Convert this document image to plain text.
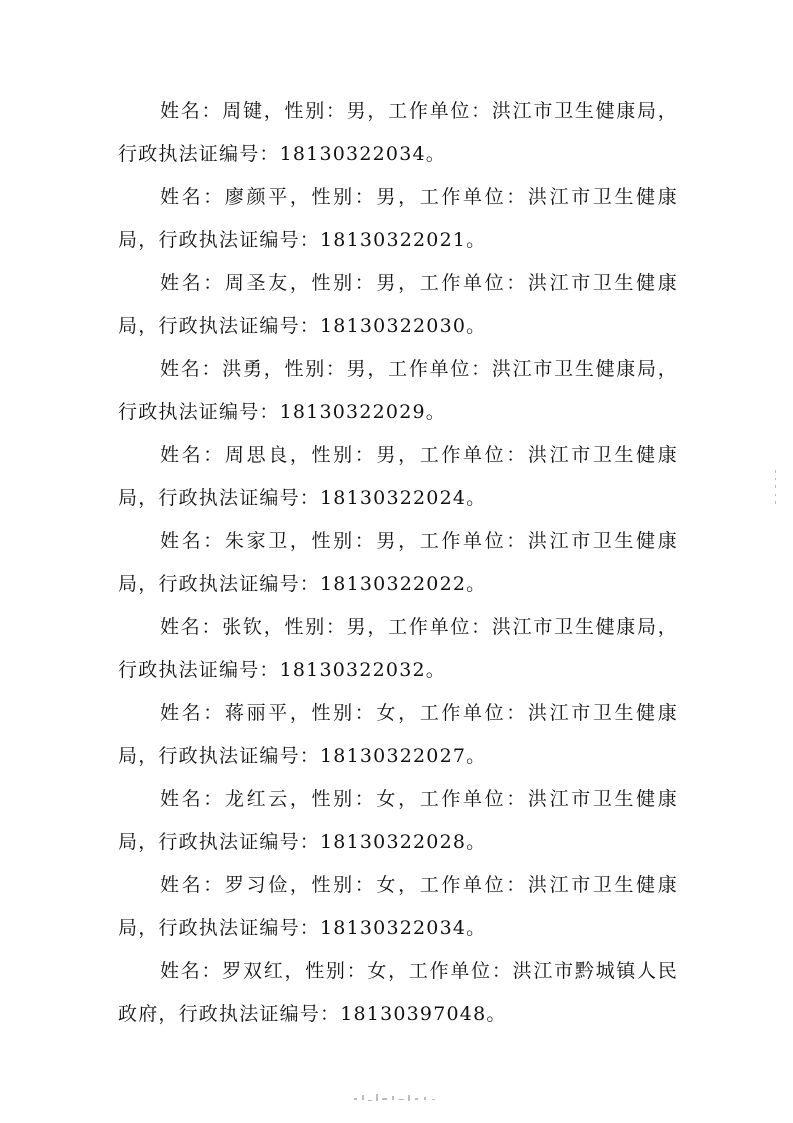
姓名：周键，性别：男，工作单位：洪江市卫生健康局，行政执法证编号：18130322034。

姓名：廖颜平，性别：男，工作单位：洪江市卫生健康局，行政执法证编号：18130322021。

姓名：周圣友，性别：男，工作单位：洪江市卫生健康局，行政执法证编号：18130322030。

姓名：洪勇，性别：男，工作单位：洪江市卫生健康局，行政执法证编号：18130322029。

姓名：周思良，性别：男，工作单位：洪江市卫生健康局，行政执法证编号：18130322024。

姓名：朱家卫，性别：男，工作单位：洪江市卫生健康局，行政执法证编号：18130322022。

姓名：张钦，性别：男，工作单位：洪江市卫生健康局，行政执法证编号：18130322032。

姓名：蒋丽平，性别：女，工作单位：洪江市卫生健康局，行政执法证编号：18130322027。

姓名：龙红云，性别：女，工作单位：洪江市卫生健康局，行政执法证编号：18130322028。

姓名：罗习俭，性别：女，工作单位：洪江市卫生健康局，行政执法证编号：18130322034。

姓名：罗双红，性别：女，工作单位：洪江市黔城镇人民政府，行政执法证编号：18130397048。
